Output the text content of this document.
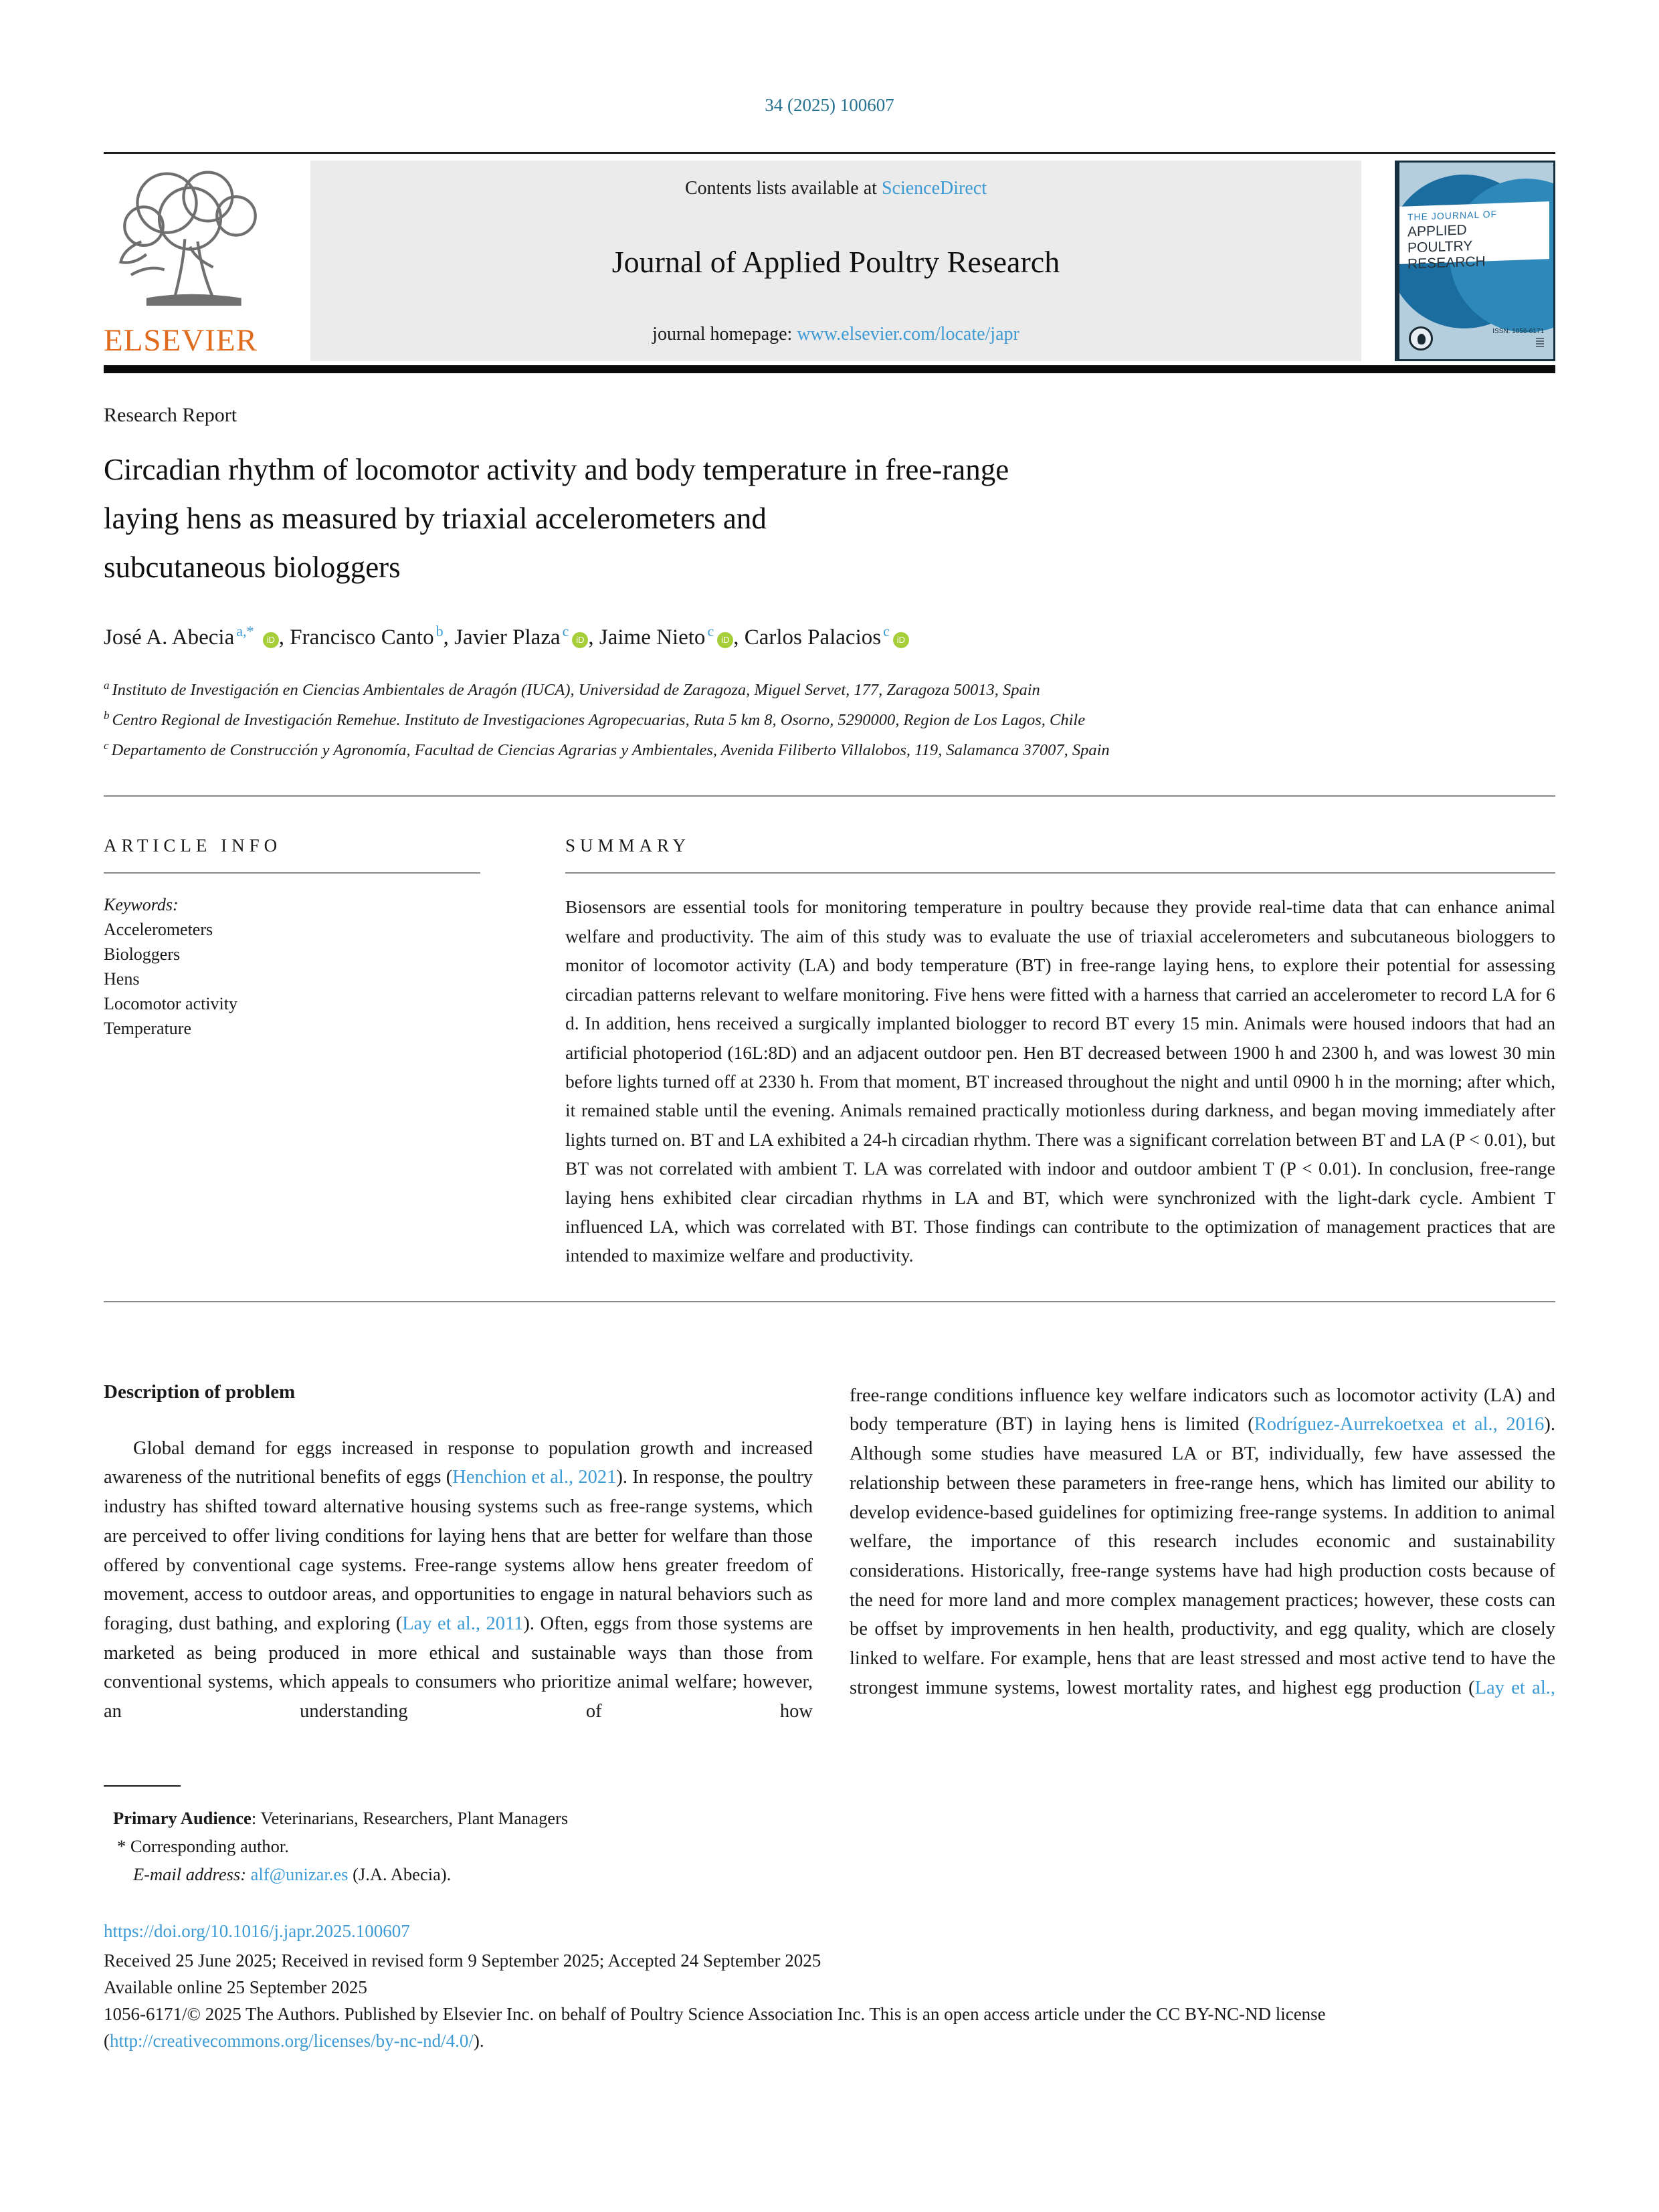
34 (2025) 100607
ELSEVIER
Contents lists available at ScienceDirect
Journal of Applied Poultry Research
journal homepage: www.elsevier.com/locate/japr
THE JOURNAL OF
APPLIED
POULTRY RESEARCH
ISSN: 1056-6171

Research Report
Circadian rhythm of locomotor activity and body temperature in free-range
laying hens as measured by triaxial accelerometers and
subcutaneous biologgers
José A. Abecia $^{a,*}$ iD , Francisco Canto $^b$, Javier Plaza $^c$iD , Jaime Nieto $^c$iD , Carlos Palacios $^c$iD
$^a$ Instituto de Investigación en Ciencias Ambientales de Aragón (IUCA), Universidad de Zaragoza, Miguel Servet, 177, Zaragoza 50013, Spain
$^b$ Centro Regional de Investigación Remehue. Instituto de Investigaciones Agropecuarias, Ruta 5 km 8, Osorno, 5290000, Region de Los Lagos, Chile
$^c$ Departamento de Construcción y Agronomía, Facultad de Ciencias Agrarias y Ambientales, Avenida Filiberto Villalobos, 119, Salamanca 37007, Spain
ARTICLE INFO
Keywords:
Accelerometers
Biologgers
Hens
Locomotor activity
Temperature
SUMMARY
Biosensors are essential tools for monitoring temperature in poultry because they provide real-time data that can enhance animal welfare and productivity. The aim of this study was to evaluate the use of triaxial accelerometers and subcutaneous biologgers to monitor of locomotor activity (LA) and body temperature (BT) in free-range laying hens, to explore their potential for assessing circadian patterns relevant to welfare monitoring. Five hens were fitted with a harness that carried an accelerometer to record LA for 6 d. In addition, hens received a surgically implanted biologger to record BT every 15 min. Animals were housed indoors that had an artificial photoperiod (16L:8D) and an adjacent outdoor pen. Hen BT decreased between 1900 h and 2300 h, and was lowest 30 min before lights turned off at 2330 h. From that moment, BT increased throughout the night and until 0900 h in the morning; after which, it remained stable until the evening. Animals remained practically motionless during darkness, and began moving immediately after lights turned on. BT and LA exhibited a 24-h circadian rhythm. There was a significant correlation between BT and LA (P < 0.01), but BT was not correlated with ambient T. LA was correlated with indoor and outdoor ambient T (P < 0.01). In conclusion, free-range laying hens exhibited clear circadian rhythms in LA and BT, which were synchronized with the light-dark cycle. Ambient T influenced LA, which was correlated with BT. Those findings can contribute to the optimization of management practices that are intended to maximize welfare and productivity.
Description of problem
Global demand for eggs increased in response to population growth and increased awareness of the nutritional benefits of eggs (Henchion et al., 2021). In response, the poultry industry has shifted toward alternative housing systems such as free-range systems, which are perceived to offer living conditions for laying hens that are better for welfare than those offered by conventional cage systems. Free-range systems allow hens greater freedom of movement, access to outdoor areas, and opportunities to engage in natural behaviors such as foraging, dust bathing, and exploring (Lay et al., 2011). Often, eggs from those systems are marketed as being produced in more ethical and sustainable ways than those from conventional systems, which appeals to consumers who prioritize animal welfare; however, an understanding of how
free-range conditions influence key welfare indicators such as locomotor activity (LA) and body temperature (BT) in laying hens is limited (Rodríguez-Aurrekoetxea et al., 2016). Although some studies have measured LA or BT, individually, few have assessed the relationship between these parameters in free-range hens, which has limited our ability to develop evidence-based guidelines for optimizing free-range systems. In addition to animal welfare, the importance of this research includes economic and sustainability considerations. Historically, free-range systems have had high production costs because of the need for more land and more complex management practices; however, these costs can be offset by improvements in hen health, productivity, and egg quality, which are closely linked to welfare. For example, hens that are least stressed and most active tend to have the strongest immune systems, lowest mortality rates, and highest egg production (Lay et al.,
Primary Audience: Veterinarians, Researchers, Plant Managers
* Corresponding author.
E-mail address: alf@unizar.es (J.A. Abecia).
https://doi.org/10.1016/j.japr.2025.100607
Received 25 June 2025; Received in revised form 9 September 2025; Accepted 24 September 2025
Available online 25 September 2025
1056-6171/© 2025 The Authors. Published by Elsevier Inc. on behalf of Poultry Science Association Inc. This is an open access article under the CC BY-NC-ND license (http://creativecommons.org/licenses/by-nc-nd/4.0/).
